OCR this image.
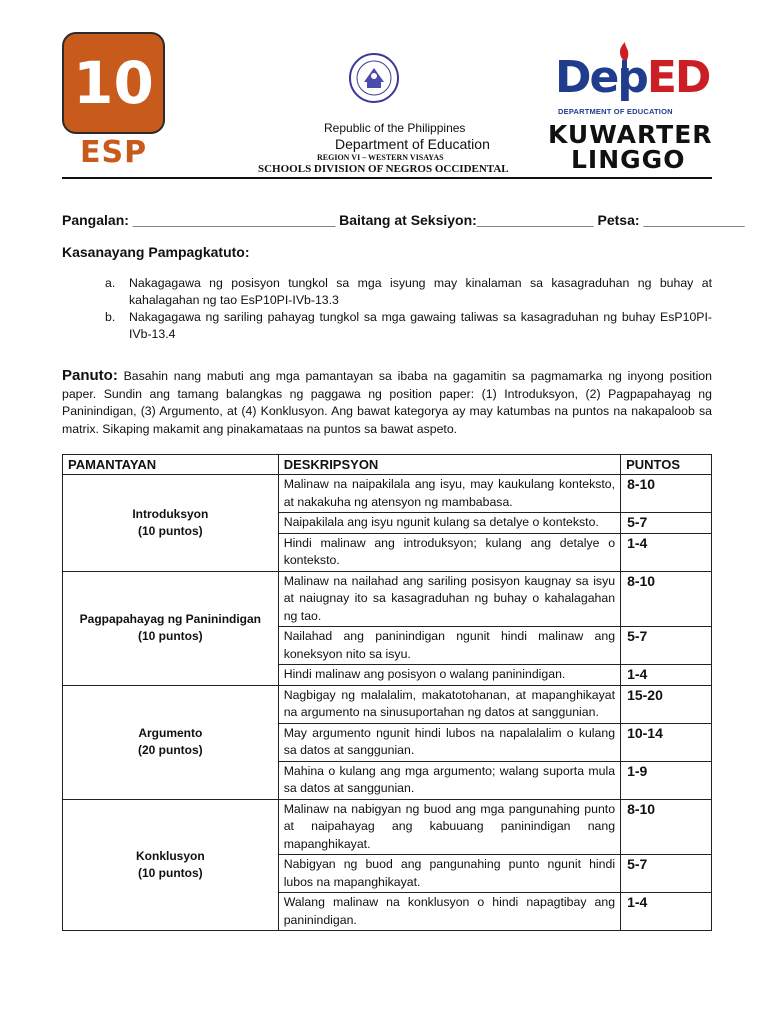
10
ESP
Republic of the Philippines
Department of Education
REGION VI – WESTERN VISAYAS
SCHOOLS DIVISION OF NEGROS OCCIDENTAL
DepED
DEPARTMENT OF EDUCATION
KUWARTER
LINGGO
Pangalan: __________________________ Baitang at Seksiyon:_______________ Petsa: _____________
Kasanayang Pampagkatuto:
a.	Nakagagawa ng posisyon tungkol sa mga isyung may kinalaman sa kasagraduhan ng buhay at kahalagahan ng tao EsP10PI-IVb-13.3
b.	Nakagagawa ng sariling pahayag tungkol sa mga gawaing taliwas sa kasagraduhan ng buhay EsP10PI-IVb-13.4
Panuto: Basahin nang mabuti ang mga pamantayan sa ibaba na gagamitin sa pagmamarka ng inyong position paper. Sundin ang tamang balangkas ng paggawa ng position paper: (1) Introduksyon, (2) Pagpapahayag ng Paninindigan, (3) Argumento, at (4) Konklusyon. Ang bawat kategorya ay may katumbas na puntos na nakapaloob sa matrix. Sikaping makamit ang pinakamataas na puntos sa bawat aspeto.
PAMANTAYAN	DESKRIPSYON	PUNTOS

Introduksyon
(10 puntos)	Malinaw na naipakilala ang isyu, may kaukulang konteksto, at nakakuha ng atensyon ng mambabasa.	8-10
	Naipakilala ang isyu ngunit kulang sa detalye o konteksto.	5-7
	Hindi malinaw ang introduksyon; kulang ang detalye o konteksto.	1-4

Pagpapahayag ng Paninindigan
(10 puntos)	Malinaw na nailahad ang sariling posisyon kaugnay sa isyu at naiugnay ito sa kasagraduhan ng buhay o kahalagahan ng tao.	8-10
	Nailahad ang paninindigan ngunit hindi malinaw ang koneksyon nito sa isyu.	5-7
	Hindi malinaw ang posisyon o walang paninindigan.	1-4

Argumento
(20 puntos)	Nagbigay ng malalalim, makatotohanan, at mapanghikayat na argumento na sinusuportahan ng datos at sanggunian.	15-20
	May argumento ngunit hindi lubos na napalalalim o kulang sa datos at sanggunian.	10-14
	Mahina o kulang ang mga argumento; walang suporta mula sa datos at sanggunian.	1-9

Konklusyon
(10 puntos)	Malinaw na nabigyan ng buod ang mga pangunahing punto at naipahayag ang kabuuang paninindigan nang mapanghikayat.	8-10
	Nabigyan ng buod ang pangunahing punto ngunit hindi lubos na mapanghikayat.	5-7
	Walang malinaw na konklusyon o hindi napagtibay ang paninindigan.	1-4
